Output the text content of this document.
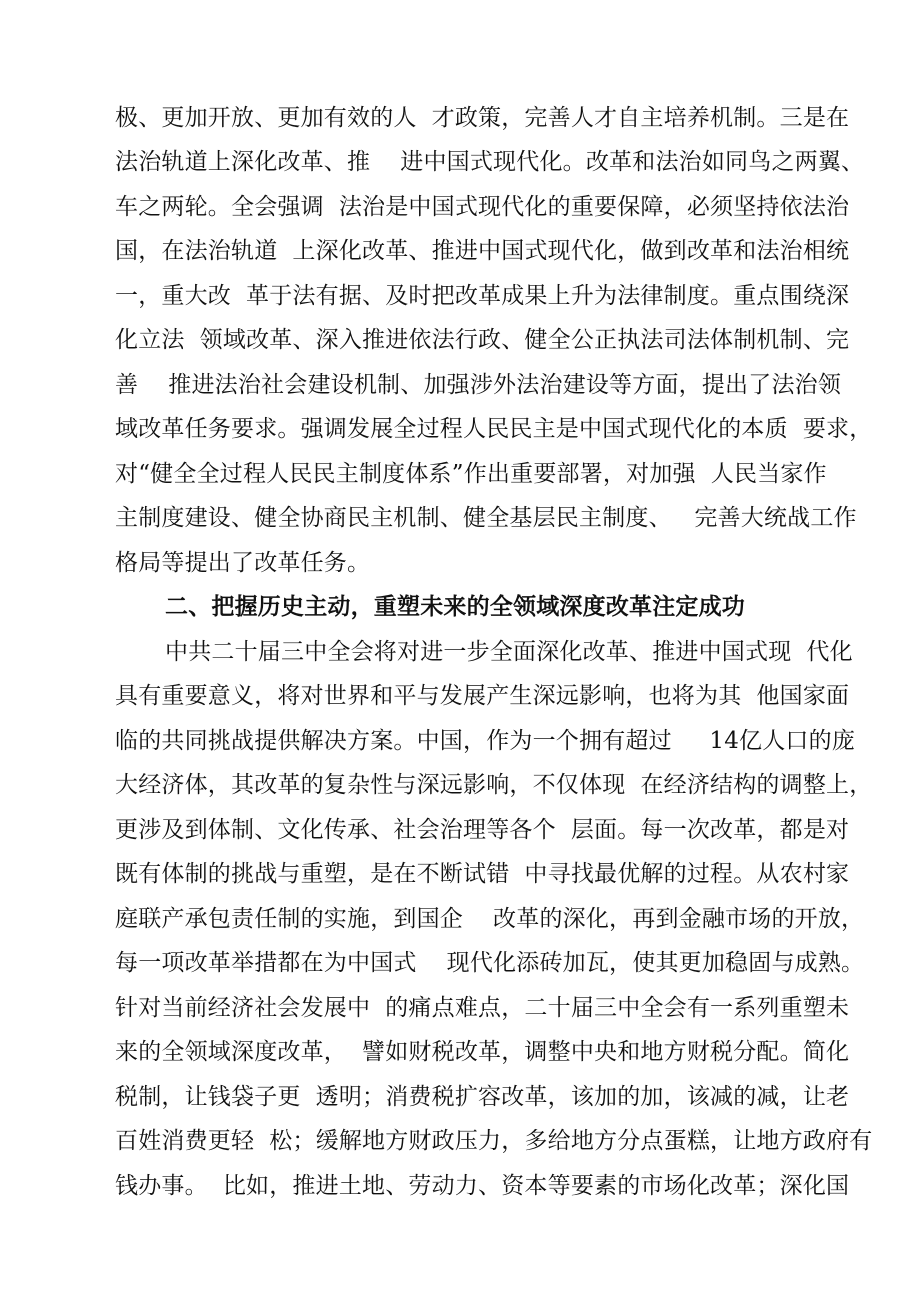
极、更加开放、更加有效的人  才政策，完善人才自主培养机制。三是在
法治轨道上深化改革、推    进中国式现代化。改革和法治如同鸟之两翼、
车之两轮。全会强调  法治是中国式现代化的重要保障，必须坚持依法治
国，在法治轨道  上深化改革、推进中国式现代化，做到改革和法治相统
一，重大改  革于法有据、及时把改革成果上升为法律制度。重点围绕深
化立法  领域改革、深入推进依法行政、健全公正执法司法体制机制、完
善    推进法治社会建设机制、加强涉外法治建设等方面，提出了法治领
域改革任务要求。强调发展全过程人民民主是中国式现代化的本质  要求，
对“健全全过程人民民主制度体系”作出重要部署，对加强  人民当家作
主制度建设、健全协商民主机制、健全基层民主制度、   完善大统战工作
格局等提出了改革任务。
二、把握历史主动，重塑未来的全领域深度改革注定成功
中共二十届三中全会将对进一步全面深化改革、推进中国式现  代化
具有重要意义，将对世界和平与发展产生深远影响，也将为其  他国家面
临的共同挑战提供解决方案。中国，作为一个拥有超过     14亿人口的庞
大经济体，其改革的复杂性与深远影响，不仅体现  在经济结构的调整上，
更涉及到体制、文化传承、社会治理等各个  层面。每一次改革，都是对
既有体制的挑战与重塑，是在不断试错  中寻找最优解的过程。从农村家
庭联产承包责任制的实施，到国企    改革的深化，再到金融市场的开放，
每一项改革举措都在为中国式    现代化添砖加瓦，使其更加稳固与成熟。
针对当前经济社会发展中  的痛点难点，二十届三中全会有一系列重塑未
来的全领域深度改革，  譬如财税改革，调整中央和地方财税分配。简化
税制，让钱袋子更  透明；消费税扩容改革，该加的加，该减的减，让老
百姓消费更轻  松；缓解地方财政压力，多给地方分点蛋糕，让地方政府有
钱办事。  比如，推进土地、劳动力、资本等要素的市场化改革；深化国
